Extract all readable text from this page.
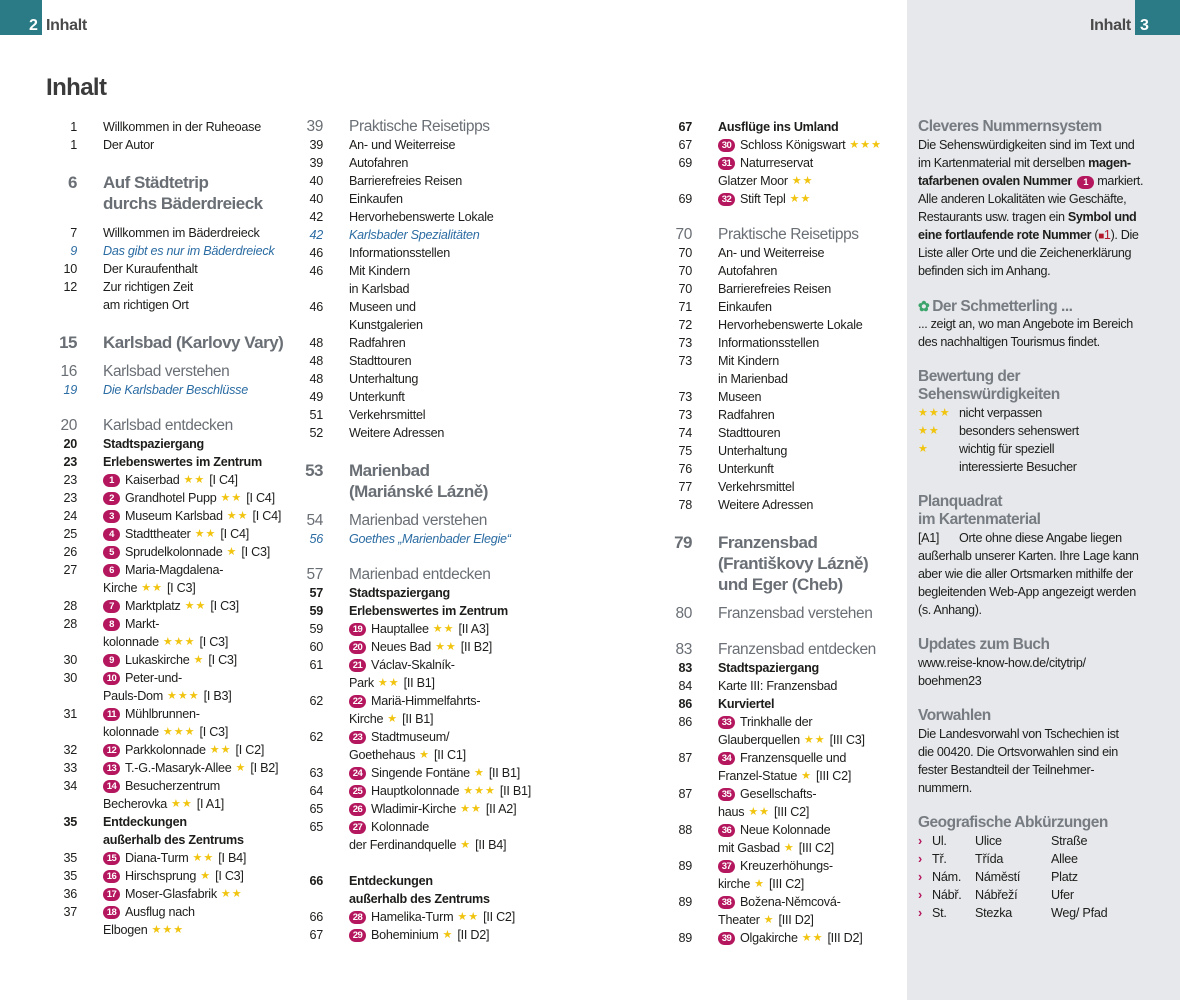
2 Inhalt	Inhalt 3
Inhalt
1 Willkommen in der Ruheoase
1 Der Autor
6 Auf Städtetrip
durchs Bäderdreieck
7 Willkommen im Bäderdreieck
9 Das gibt es nur im Bäderdreieck
10 Der Kuraufenthalt
12 Zur richtigen Zeit
am richtigen Ort
15 Karlsbad (Karlovy Vary)
16 Karlsbad verstehen
19 Die Karlsbader Beschlüsse
20 Karlsbad entdecken
20 Stadtspaziergang
23 Erlebenswertes im Zentrum
23	1 Kaiserbad ★★ [I C4]
23	2 Grandhotel Pupp ★★ [I C4]
24	3 Museum Karlsbad ★★ [I C4]
25	4 Stadttheater ★★ [I C4]
26	5 Sprudelkolonnade ★ [I C3]
27	6 Maria-Magdalena-
Kirche ★★ [I C3]
28	7 Marktplatz ★★ [I C3]
28	8 Markt-
kolonnade ★★★ [I C3]
30	9 Lukaskirche ★ [I C3]
30	10 Peter-und-
Pauls-Dom ★★★ [I B3]
31	11 Mühlbrunnen-
kolonnade ★★★ [I C3]
32	12 Parkkolonnade ★★ [I C2]
33	13 T.-G.-Masaryk-Allee ★ [I B2]
34	14 Besucherzentrum
Becherovka ★★ [I A1]
35 Entdeckungen
außerhalb des Zentrums
35	15 Diana-Turm ★★ [I B4]
35	16 Hirschsprung ★ [I C3]
36	17 Moser-Glasfabrik ★★
37	18 Ausflug nach
Elbogen ★★★
39 Praktische Reisetipps
39 An- und Weiterreise
39 Autofahren
40 Barrierefreies Reisen
40 Einkaufen
42 Hervorhebenswerte Lokale
42 Karlsbader Spezialitäten
46 Informationsstellen
46 Mit Kindern
in Karlsbad
46 Museen und
Kunstgalerien
48 Radfahren
48 Stadttouren
48 Unterhaltung
49 Unterkunft
51 Verkehrsmittel
52 Weitere Adressen
53 Marienbad
(Mariánské Lázně)
54 Marienbad verstehen
56 Goethes „Marienbader Elegie“
57 Marienbad entdecken
57 Stadtspaziergang
59 Erlebenswertes im Zentrum
59	19 Hauptallee ★★ [II A3]
60	20 Neues Bad ★★ [II B2]
61	21 Václav-Skalník-
Park ★★ [II B1]
62	22 Mariä-Himmelfahrts-
Kirche ★ [II B1]
62	23 Stadtmuseum/
Goethehaus ★ [II C1]
63	24 Singende Fontäne ★ [II B1]
64	25 Hauptkolonnade ★★★ [II B1]
65	26 Wladimir-Kirche ★★ [II A2]
65	27 Kolonnade
der Ferdinandquelle ★ [II B4]
66 Entdeckungen
außerhalb des Zentrums
66	28 Hamelika-Turm ★★ [II C2]
67	29 Boheminium ★ [II D2]
67 Ausflüge ins Umland
67	30 Schloss Königswart ★★★
69	31 Naturreservat
Glatzer Moor ★★
69	32 Stift Tepl ★★
70 Praktische Reisetipps
70 An- und Weiterreise
70 Autofahren
70 Barrierefreies Reisen
71 Einkaufen
72 Hervorhebenswerte Lokale
73 Informationsstellen
73 Mit Kindern
in Marienbad
73 Museen
73 Radfahren
74 Stadttouren
75 Unterhaltung
76 Unterkunft
77 Verkehrsmittel
78 Weitere Adressen
79 Franzensbad
(Františkovy Lázně)
und Eger (Cheb)
80 Franzensbad verstehen
83 Franzensbad entdecken
83 Stadtspaziergang
84 Karte III: Franzensbad
86 Kurviertel
86	33 Trinkhalle der
Glauberquellen ★★ [III C3]
87	34 Franzensquelle und
Franzel-Statue ★ [III C2]
87	35 Gesellschafts-
haus ★★ [III C2]
88	36 Neue Kolonnade
mit Gasbad ★ [III C2]
89	37 Kreuzerhöhungs-
kirche ★ [III C2]
89	38 Božena-Němcová-
Theater ★ [III D2]
89	39 Olgakirche ★★ [III D2]
Cleveres Nummernsystem
Die Sehenswürdigkeiten sind im Text und
im Kartenmaterial mit derselben magen-
tafarbenen ovalen Nummer 1 markiert.
Alle anderen Lokalitäten wie Geschäfte,
Restaurants usw. tragen ein Symbol und
eine fortlaufende rote Nummer (■1). Die
Liste aller Orte und die Zeichenerklärung
befinden sich im Anhang.
✿ Der Schmetterling ...
... zeigt an, wo man Angebote im Bereich
des nachhaltigen Tourismus findet.
Bewertung der
Sehenswürdigkeiten
★★★ nicht verpassen
★★	besonders sehenswert
★	wichtig für speziell
interessierte Besucher
Planquadrat
im Kartenmaterial
[A1] Orte ohne diese Angabe liegen
außerhalb unserer Karten. Ihre Lage kann
aber wie die aller Ortsmarken mithilfe der
begleitenden Web-App angezeigt werden
(s. Anhang).
Updates zum Buch
www.reise-know-how.de/citytrip/
boehmen23
Vorwahlen
Die Landesvorwahl von Tschechien ist
die 00420. Die Ortsvorwahlen sind ein
fester Bestandteil der Teilnehmer-
nummern.
Geografische Abkürzungen
› Ul.	Ulice	Straße
› Tř.	Třída	Allee
› Nám.	Náměstí	Platz
› Nábř.	Nábřeží	Ufer
› St.	Stezka	Weg/ Pfad
